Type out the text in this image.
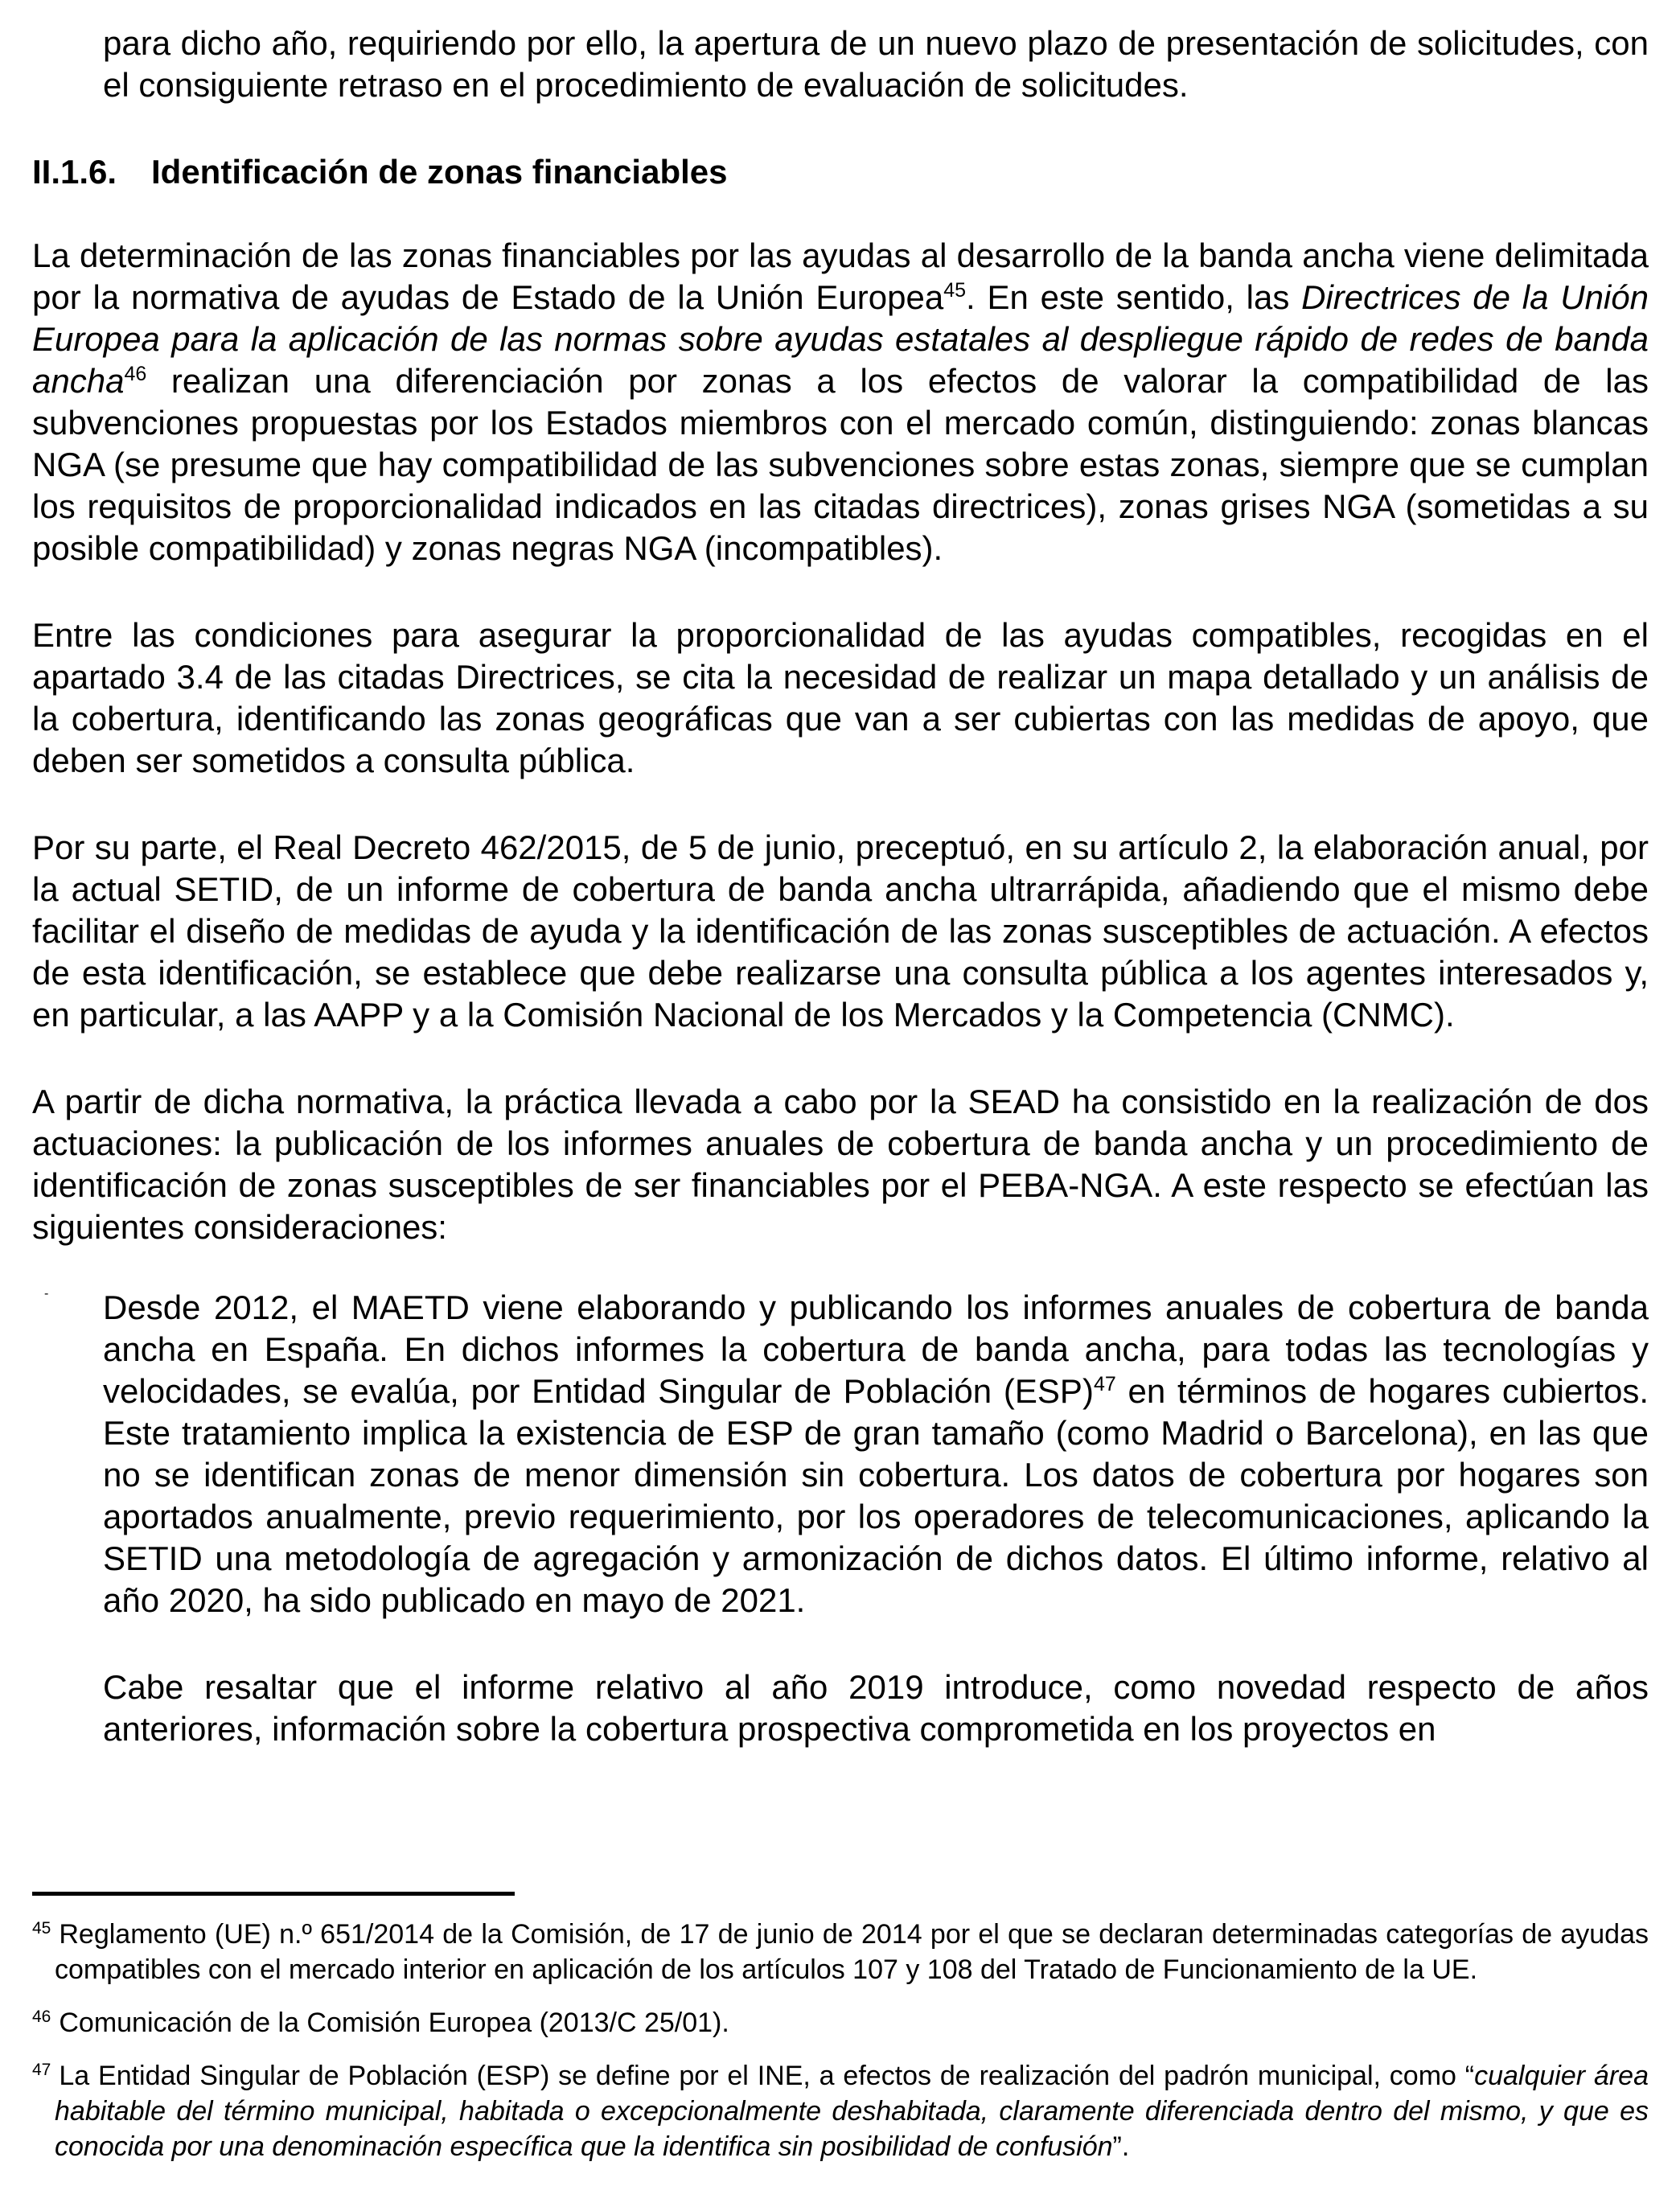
para dicho año, requiriendo por ello, la apertura de un nuevo plazo de presentación de solicitudes, con el consiguiente retraso en el procedimiento de evaluación de solicitudes.

II.1.6.	Identificación de zonas financiables

La determinación de las zonas financiables por las ayudas al desarrollo de la banda ancha viene delimitada por la normativa de ayudas de Estado de la Unión Europea$^{45}$. En este sentido, las Directrices de la Unión Europea para la aplicación de las normas sobre ayudas estatales al despliegue rápido de redes de banda ancha$^{46}$ realizan una diferenciación por zonas a los efectos de valorar la compatibilidad de las subvenciones propuestas por los Estados miembros con el mercado común, distinguiendo: zonas blancas NGA (se presume que hay compatibilidad de las subvenciones sobre estas zonas, siempre que se cumplan los requisitos de proporcionalidad indicados en las citadas directrices), zonas grises NGA (sometidas a su posible compatibilidad) y zonas negras NGA (incompatibles).

Entre las condiciones para asegurar la proporcionalidad de las ayudas compatibles, recogidas en el apartado 3.4 de las citadas Directrices, se cita la necesidad de realizar un mapa detallado y un análisis de la cobertura, identificando las zonas geográficas que van a ser cubiertas con las medidas de apoyo, que deben ser sometidos a consulta pública.

Por su parte, el Real Decreto 462/2015, de 5 de junio, preceptuó, en su artículo 2, la elaboración anual, por la actual SETID, de un informe de cobertura de banda ancha ultrarrápida, añadiendo que el mismo debe facilitar el diseño de medidas de ayuda y la identificación de las zonas susceptibles de actuación. A efectos de esta identificación, se establece que debe realizarse una consulta pública a los agentes interesados y, en particular, a las AAPP y a la Comisión Nacional de los Mercados y la Competencia (CNMC).

A partir de dicha normativa, la práctica llevada a cabo por la SEAD ha consistido en la realización de dos actuaciones: la publicación de los informes anuales de cobertura de banda ancha y un procedimiento de identificación de zonas susceptibles de ser financiables por el PEBA-NGA. A este respecto se efectúan las siguientes consideraciones:

- Desde 2012, el MAETD viene elaborando y publicando los informes anuales de cobertura de banda ancha en España. En dichos informes la cobertura de banda ancha, para todas las tecnologías y velocidades, se evalúa, por Entidad Singular de Población (ESP)$^{47}$ en términos de hogares cubiertos. Este tratamiento implica la existencia de ESP de gran tamaño (como Madrid o Barcelona), en las que no se identifican zonas de menor dimensión sin cobertura. Los datos de cobertura por hogares son aportados anualmente, previo requerimiento, por los operadores de telecomunicaciones, aplicando la SETID una metodología de agregación y armonización de dichos datos. El último informe, relativo al año 2020, ha sido publicado en mayo de 2021.

Cabe resaltar que el informe relativo al año 2019 introduce, como novedad respecto de años anteriores, información sobre la cobertura prospectiva comprometida en los proyectos en

$^{45}$ Reglamento (UE) n.º 651/2014 de la Comisión, de 17 de junio de 2014 por el que se declaran determinadas categorías de ayudas compatibles con el mercado interior en aplicación de los artículos 107 y 108 del Tratado de Funcionamiento de la UE.

$^{46}$ Comunicación de la Comisión Europea (2013/C 25/01).

$^{47}$ La Entidad Singular de Población (ESP) se define por el INE, a efectos de realización del padrón municipal, como “cualquier área habitable del término municipal, habitada o excepcionalmente deshabitada, claramente diferenciada dentro del mismo, y que es conocida por una denominación específica que la identifica sin posibilidad de confusión”.
